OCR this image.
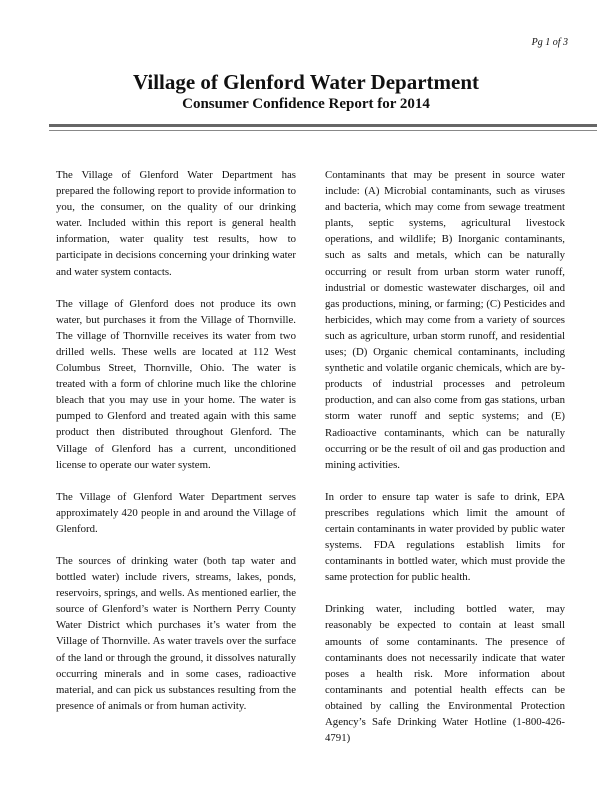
Pg 1 of 3
Village of Glenford Water Department
Consumer Confidence Report for 2014

The Village of Glenford Water Department has prepared the following report to provide information to you, the consumer, on the quality of our drinking water. Included within this report is general health information, water quality test results, how to participate in decisions concerning your drinking water and water system contacts.

The village of Glenford does not produce its own water, but purchases it from the Village of Thornville. The village of Thornville receives its water from two drilled wells. These wells are located at 112 West Columbus Street, Thornville, Ohio. The water is treated with a form of chlorine much like the chlorine bleach that you may use in your home. The water is pumped to Glenford and treated again with this same product then distributed throughout Glenford. The Village of Glenford has a current, unconditioned license to operate our water system.

The Village of Glenford Water Department serves approximately 420 people in and around the Village of Glenford.

The sources of drinking water (both tap water and bottled water) include rivers, streams, lakes, ponds, reservoirs, springs, and wells. As mentioned earlier, the source of Glenford’s water is Northern Perry County Water District which purchases it’s water from the Village of Thornville. As water travels over the surface of the land or through the ground, it dissolves naturally occurring minerals and in some cases, radioactive material, and can pick us substances resulting from the presence of animals or from human activity.

Contaminants that may be present in source water include: (A) Microbial contaminants, such as viruses and bacteria, which may come from sewage treatment plants, septic systems, agricultural livestock operations, and wildlife; B) Inorganic contaminants, such as salts and metals, which can be naturally occurring or result from urban storm water runoff, industrial or domestic wastewater discharges, oil and gas productions, mining, or farming; (C) Pesticides and herbicides, which may come from a variety of sources such as agriculture, urban storm runoff, and residential uses; (D) Organic chemical contaminants, including synthetic and volatile organic chemicals, which are by-products of industrial processes and petroleum production, and can also come from gas stations, urban storm water runoff and septic systems; and (E) Radioactive contaminants, which can be naturally occurring or be the result of oil and gas production and mining activities.

In order to ensure tap water is safe to drink, EPA prescribes regulations which limit the amount of certain contaminants in water provided by public water systems. FDA regulations establish limits for contaminants in bottled water, which must provide the same protection for public health.

Drinking water, including bottled water, may reasonably be expected to contain at least small amounts of some contaminants. The presence of contaminants does not necessarily indicate that water poses a health risk. More information about contaminants and potential health effects can be obtained by calling the Environmental Protection Agency’s Safe Drinking Water Hotline (1-800-426-4791)
